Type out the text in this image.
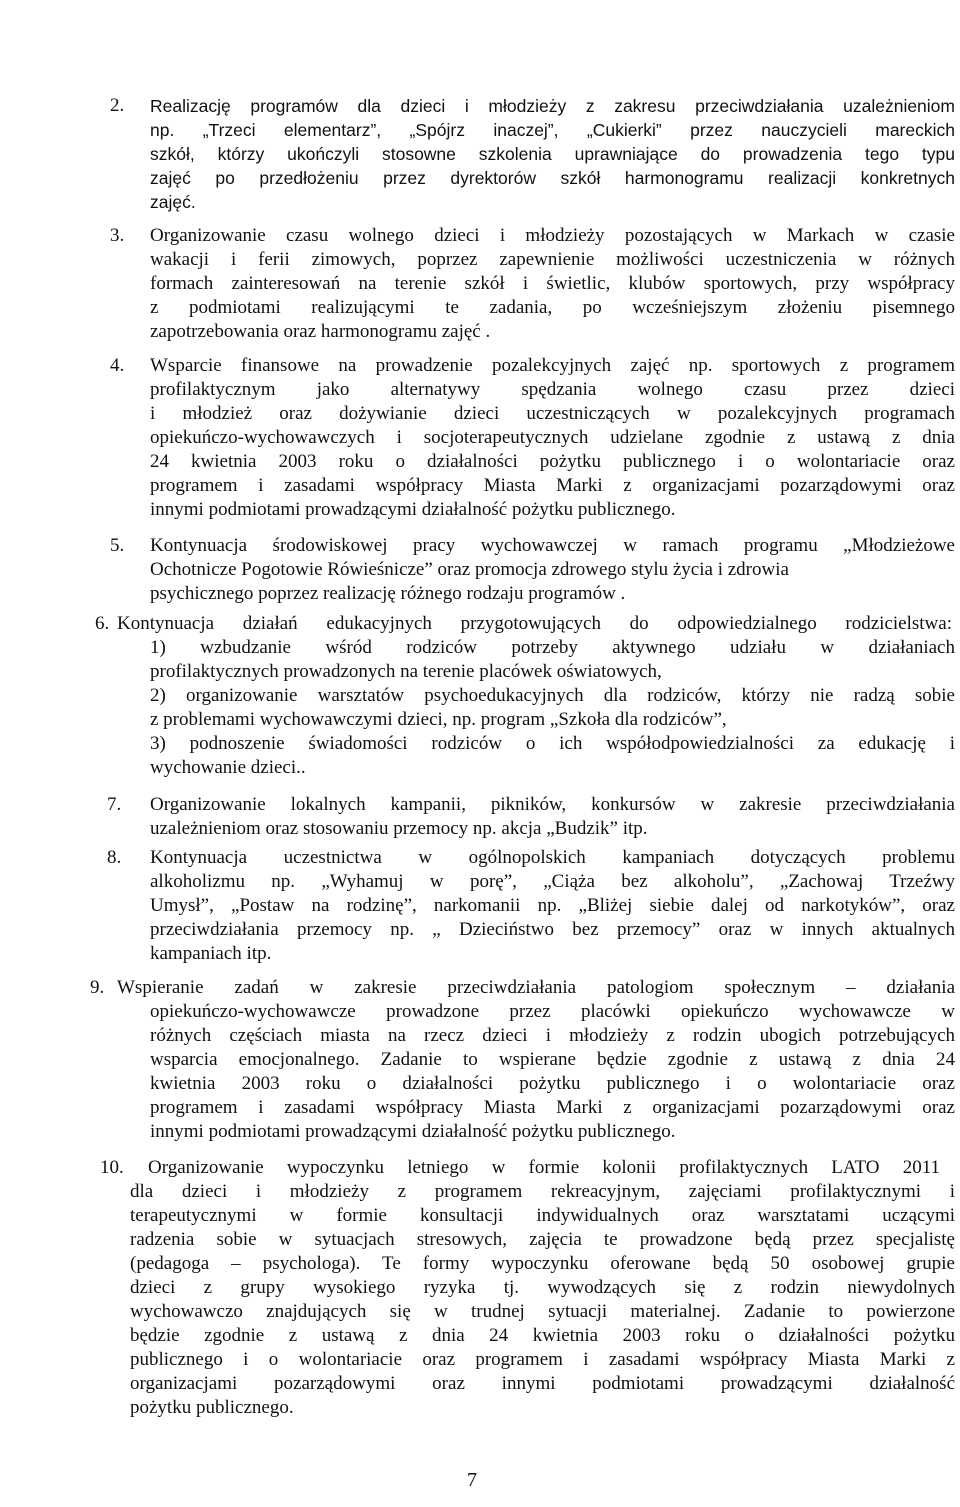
2.	Realizację programów dla dzieci i młodzieży z zakresu przeciwdziałania uzależnieniom
np. „Trzeci elementarz”, „Spójrz inaczej”, „Cukierki” przez nauczycieli mareckich
szkół, którzy ukończyli stosowne szkolenia uprawniające do prowadzenia tego typu
zajęć po przedłożeniu przez dyrektorów szkół harmonogramu realizacji konkretnych
zajęć.
3.	Organizowanie czasu wolnego dzieci i młodzieży pozostających w Markach w czasie
wakacji i ferii zimowych, poprzez zapewnienie możliwości uczestniczenia w różnych
formach zainteresowań na terenie szkół i świetlic, klubów sportowych, przy współpracy
z podmiotami realizującymi te zadania, po wcześniejszym złożeniu pisemnego
zapotrzebowania oraz harmonogramu zajęć .
4.	Wsparcie finansowe na prowadzenie pozalekcyjnych zajęć np. sportowych z programem
profilaktycznym jako alternatywy spędzania wolnego czasu przez dzieci
i młodzież oraz dożywianie dzieci uczestniczących w pozalekcyjnych programach
opiekuńczo-wychowawczych i socjoterapeutycznych udzielane zgodnie z ustawą z dnia
24 kwietnia 2003 roku o działalności pożytku publicznego i o wolontariacie oraz
programem i zasadami współpracy Miasta Marki z organizacjami pozarządowymi oraz
innymi podmiotami prowadzącymi działalność pożytku publicznego.
5.	Kontynuacja środowiskowej pracy wychowawczej w ramach programu „Młodzieżowe
Ochotnicze Pogotowie Rówieśnicze” oraz promocja zdrowego stylu życia i zdrowia
psychicznego poprzez realizację różnego rodzaju programów .
6. Kontynuacja działań edukacyjnych przygotowujących do odpowiedzialnego rodzicielstwa:
1) wzbudzanie wśród rodziców potrzeby aktywnego udziału w działaniach
profilaktycznych prowadzonych na terenie placówek oświatowych,
2) organizowanie warsztatów psychoedukacyjnych dla rodziców, którzy nie radzą sobie
z problemami wychowawczymi dzieci, np. program „Szkoła dla rodziców”,
3) podnoszenie świadomości rodziców o ich współodpowiedzialności za edukację i
wychowanie dzieci..
7.	Organizowanie lokalnych kampanii, pikników, konkursów w zakresie przeciwdziałania
uzależnieniom oraz stosowaniu przemocy np. akcja „Budzik” itp.
8.	Kontynuacja uczestnictwa w ogólnopolskich kampaniach dotyczących problemu
alkoholizmu np. „Wyhamuj w porę”, „Ciąża bez alkoholu”, „Zachowaj Trzeźwy
Umysł”, „Postaw na rodzinę”, narkomanii np. „Bliżej siebie dalej od narkotyków”, oraz
przeciwdziałania przemocy np. „ Dzieciństwo bez przemocy” oraz w innych aktualnych
kampaniach itp.
9. Wspieranie zadań w zakresie przeciwdziałania patologiom społecznym – działania
opiekuńczo-wychowawcze prowadzone przez placówki opiekuńczo wychowawcze w
różnych częściach miasta na rzecz dzieci i młodzieży z rodzin ubogich potrzebujących
wsparcia emocjonalnego. Zadanie to wspierane będzie zgodnie z ustawą z dnia 24
kwietnia 2003 roku o działalności pożytku publicznego i o wolontariacie oraz
programem i zasadami współpracy Miasta Marki z organizacjami pozarządowymi oraz
innymi podmiotami prowadzącymi działalność pożytku publicznego.
10.	Organizowanie wypoczynku letniego w formie kolonii profilaktycznych LATO 2011
dla dzieci i młodzieży z programem rekreacyjnym, zajęciami profilaktycznymi i
terapeutycznymi w formie konsultacji indywidualnych oraz warsztatami uczącymi
radzenia sobie w sytuacjach stresowych, zajęcia te prowadzone będą przez specjalistę
(pedagoga – psychologa). Te formy wypoczynku oferowane będą 50 osobowej grupie
dzieci z grupy wysokiego ryzyka tj. wywodzących się z rodzin niewydolnych
wychowawczo znajdujących się w trudnej sytuacji materialnej. Zadanie to powierzone
będzie zgodnie z ustawą z dnia 24 kwietnia 2003 roku o działalności pożytku
publicznego i o wolontariacie oraz programem i zasadami współpracy Miasta Marki z
organizacjami pozarządowymi oraz innymi podmiotami prowadzącymi działalność
pożytku publicznego.
7
